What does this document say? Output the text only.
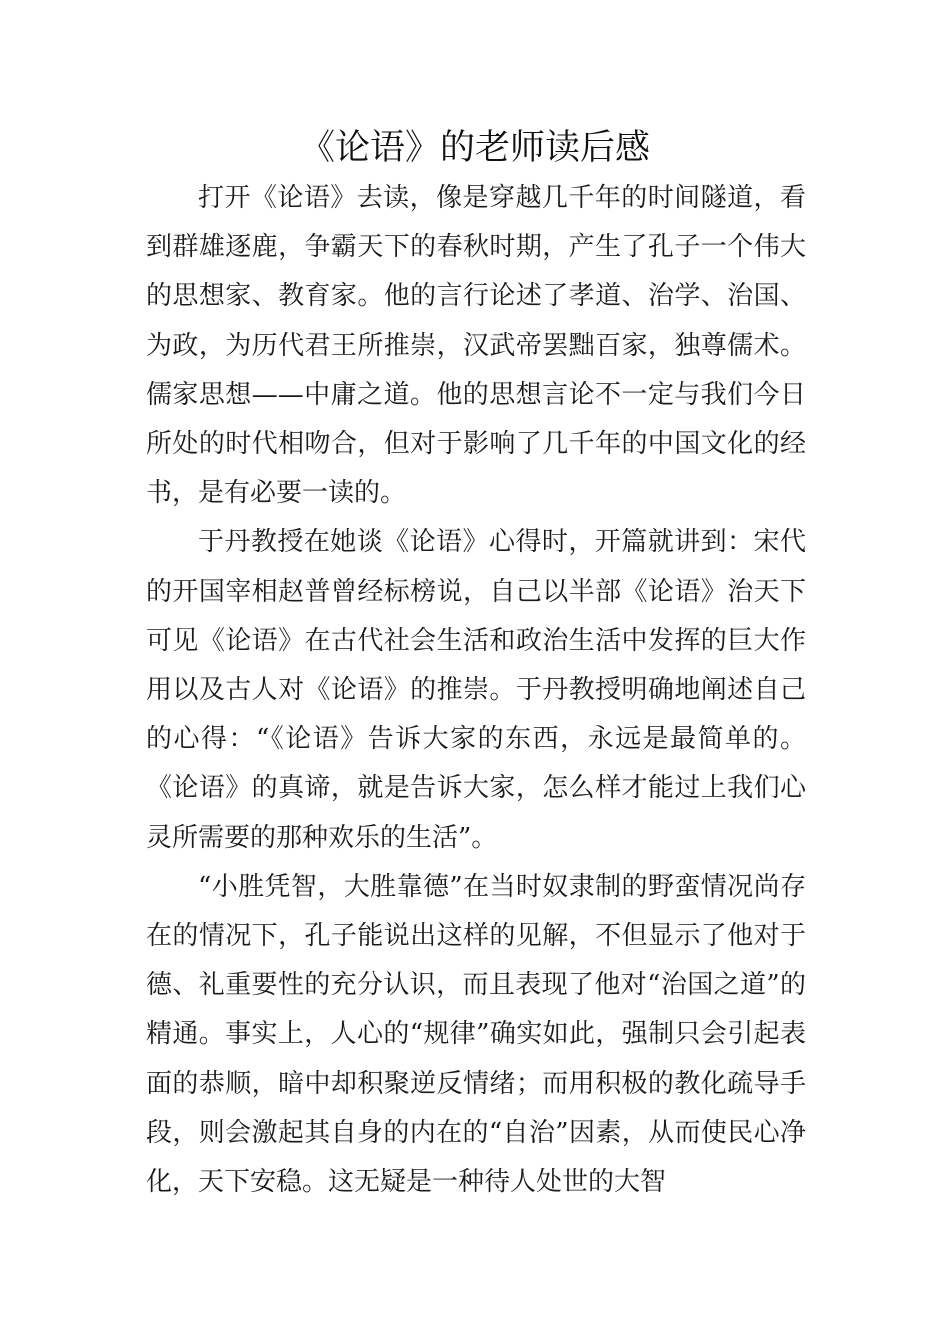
《论语》的老师读后感

打开《论语》去读，像是穿越几千年的时间隧道，看到群雄逐鹿，争霸天下的春秋时期，产生了孔子一个伟大的思想家、教育家。他的言行论述了孝道、治学、治国、为政，为历代君王所推崇，汉武帝罢黜百家，独尊儒术。儒家思想——中庸之道。他的思想言论不一定与我们今日所处的时代相吻合，但对于影响了几千年的中国文化的经书，是有必要一读的。

于丹教授在她谈《论语》心得时，开篇就讲到：宋代的开国宰相赵普曾经标榜说，自己以半部《论语》治天下可见《论语》在古代社会生活和政治生活中发挥的巨大作用以及古人对《论语》的推崇。于丹教授明确地阐述自己的心得：“《论语》告诉大家的东西，永远是最简单的。《论语》的真谛，就是告诉大家，怎么样才能过上我们心灵所需要的那种欢乐的生活”。

“小胜凭智，大胜靠德”在当时奴隶制的野蛮情况尚存在的情况下，孔子能说出这样的见解，不但显示了他对于德、礼重要性的充分认识，而且表现了他对“治国之道”的精通。事实上，人心的“规律”确实如此，强制只会引起表面的恭顺，暗中却积聚逆反情绪；而用积极的教化疏导手段，则会激起其自身的内在的“自治”因素，从而使民心净化，天下安稳。这无疑是一种待人处世的大智
